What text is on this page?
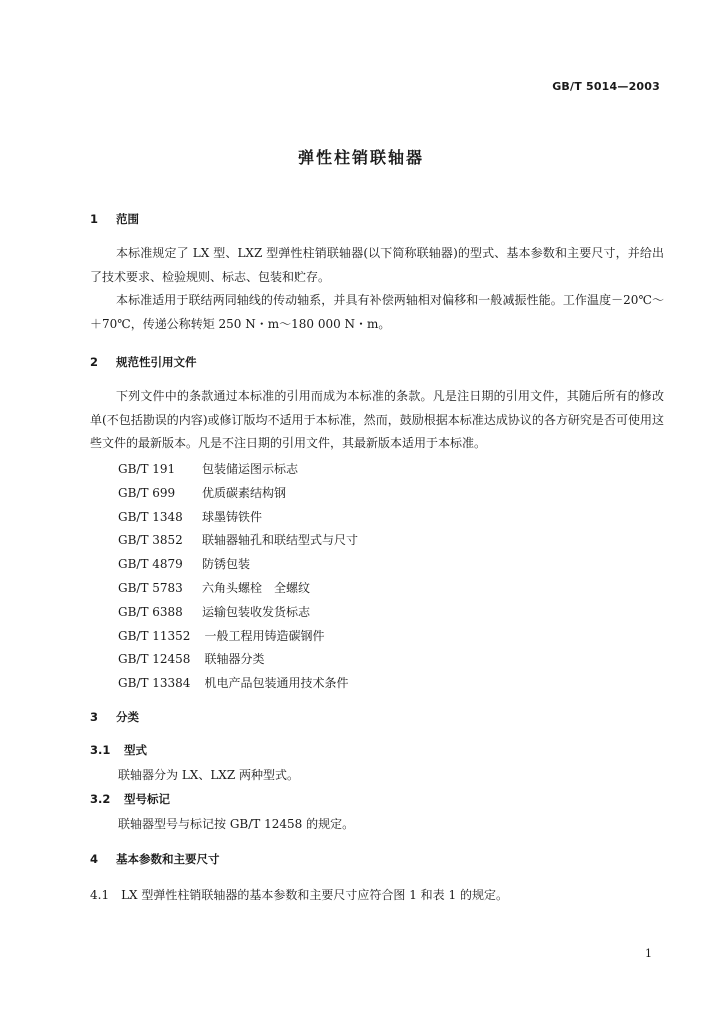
GB/T 5014—2003
弹性柱销联轴器
1 范围
本标准规定了 LX 型、LXZ 型弹性柱销联轴器(以下简称联轴器)的型式、基本参数和主要尺寸，并给出了技术要求、检验规则、标志、包装和贮存。
本标准适用于联结两同轴线的传动轴系，并具有补偿两轴相对偏移和一般减振性能。工作温度－20℃～＋70℃，传递公称转矩 250 N・m～180 000 N・m。
2 规范性引用文件
下列文件中的条款通过本标准的引用而成为本标准的条款。凡是注日期的引用文件，其随后所有的修改单(不包括勘误的内容)或修订版均不适用于本标准，然而，鼓励根据本标准达成协议的各方研究是否可使用这些文件的最新版本。凡是不注日期的引用文件，其最新版本适用于本标准。
GB/T 191 包装储运图示标志
GB/T 699 优质碳素结构钢
GB/T 1348 球墨铸铁件
GB/T 3852 联轴器轴孔和联结型式与尺寸
GB/T 4879 防锈包装
GB/T 5783 六角头螺栓　全螺纹
GB/T 6388 运输包装收发货标志
GB/T 11352 一般工程用铸造碳钢件
GB/T 12458 联轴器分类
GB/T 13384 机电产品包装通用技术条件
3 分类
3.1 型式
联轴器分为 LX、LXZ 两种型式。
3.2 型号标记
联轴器型号与标记按 GB/T 12458 的规定。
4 基本参数和主要尺寸
4.1　LX 型弹性柱销联轴器的基本参数和主要尺寸应符合图 1 和表 1 的规定。
1
